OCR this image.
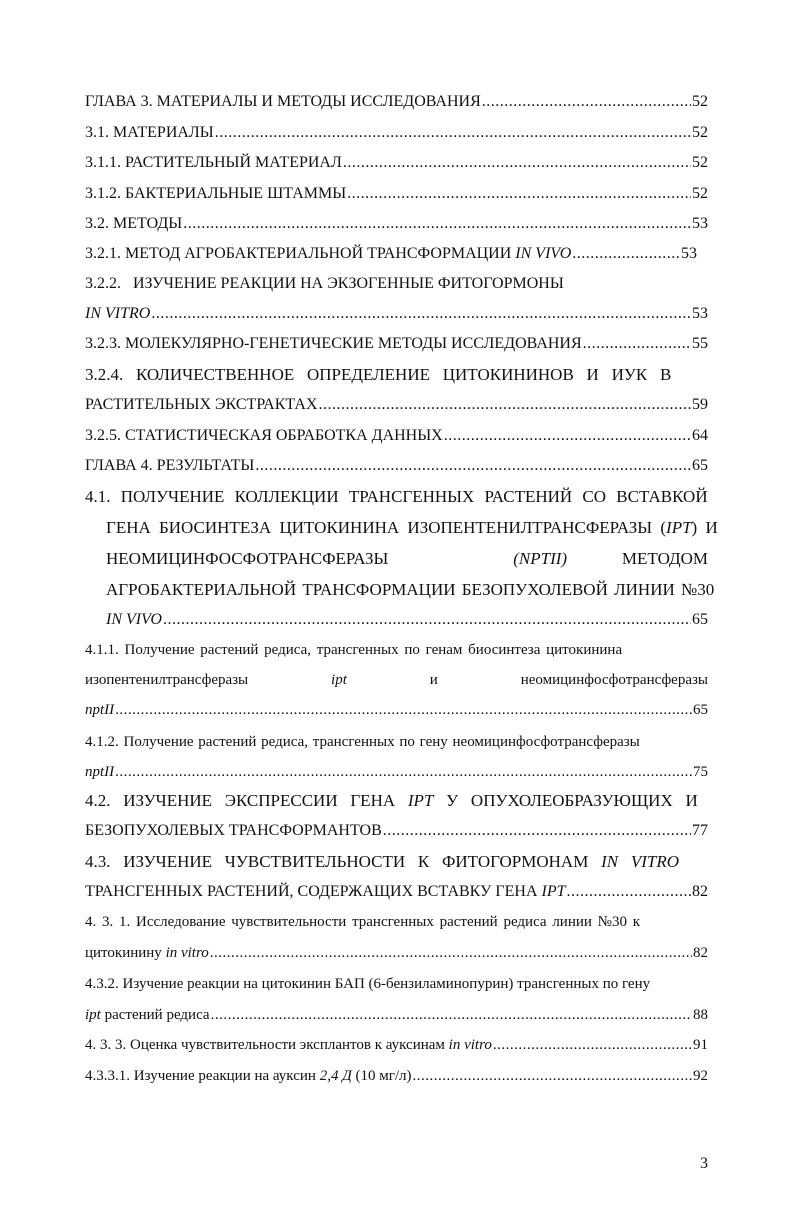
ГЛАВА 3. МАТЕРИАЛЫ И МЕТОДЫ ИССЛЕДОВАНИЯ .....	52
3.1. МАТЕРИАЛЫ .....	52
3.1.1. РАСТИТЕЛЬНЫЙ МАТЕРИАЛ .....	52
3.1.2. БАКТЕРИАЛЬНЫЕ ШТАММЫ .....	52
3.2. МЕТОДЫ .....	53
3.2.1. МЕТОД АГРОБАКТЕРИАЛЬНОЙ ТРАНСФОРМАЦИИ IN VIVO .....	53
3.2.2.   ИЗУЧЕНИЕ РЕАКЦИИ НА ЭКЗОГЕННЫЕ ФИТОГОРМОНЫ
IN VITRO .....	53
3.2.3. МОЛЕКУЛЯРНО-ГЕНЕТИЧЕСКИЕ МЕТОДЫ ИССЛЕДОВАНИЯ .....	55
3.2.4.   КОЛИЧЕСТВЕННОЕ   ОПРЕДЕЛЕНИЕ   ЦИТОКИНИНОВ   И   ИУК   В
РАСТИТЕЛЬНЫХ ЭКСТРАКТАХ .....	59
3.2.5. СТАТИСТИЧЕСКАЯ ОБРАБОТКА ДАННЫХ .....	64
ГЛАВА 4. РЕЗУЛЬТАТЫ .....	65
4.1. ПОЛУЧЕНИЕ КОЛЛЕКЦИИ ТРАНСГЕННЫХ РАСТЕНИЙ СО ВСТАВКОЙ
ГЕНА БИОСИНТЕЗА ЦИТОКИНИНА ИЗОПЕНТЕНИЛТРАНСФЕРАЗЫ (IPT) И
НЕОМИЦИНФОСФОТРАНСФЕРАЗЫ	(NPTII)	МЕТОДОМ
АГРОБАКТЕРИАЛЬНОЙ ТРАНСФОРМАЦИИ БЕЗОПУХОЛЕВОЙ ЛИНИИ №30
IN VIVO .....	65
4.1.1. Получение растений редиса, трансгенных по генам биосинтеза цитокинина
изопентенилтрансферазы	ipt	и	неомицинфосфотрансферазы
nptII .....	65
4.1.2. Получение растений редиса, трансгенных по гену неомицинфосфотрансферазы
nptII .....	75
4.2.   ИЗУЧЕНИЕ   ЭКСПРЕССИИ   ГЕНА   IPT   У   ОПУХОЛЕОБРАЗУЮЩИХ   И
БЕЗОПУХОЛЕВЫХ ТРАНСФОРМАНТОВ .....	77
4.3.   ИЗУЧЕНИЕ   ЧУВСТВИТЕЛЬНОСТИ   К   ФИТОГОРМОНАМ   IN   VITRO
ТРАНСГЕННЫХ РАСТЕНИЙ, СОДЕРЖАЩИХ ВСТАВКУ ГЕНА IPT .....	82
4. 3. 1. Исследование чувствительности трансгенных растений редиса линии №30 к
цитокинину in vitro .....	82
4.3.2. Изучение реакции на цитокинин БАП (6-бензиламинопурин) трансгенных по гену
ipt растений редиса .....	88
4. 3. 3. Оценка чувствительности эксплантов к ауксинам in vitro .....	91
4.3.3.1. Изучение реакции на ауксин 2,4 Д (10 мг/л) .....	92
3
